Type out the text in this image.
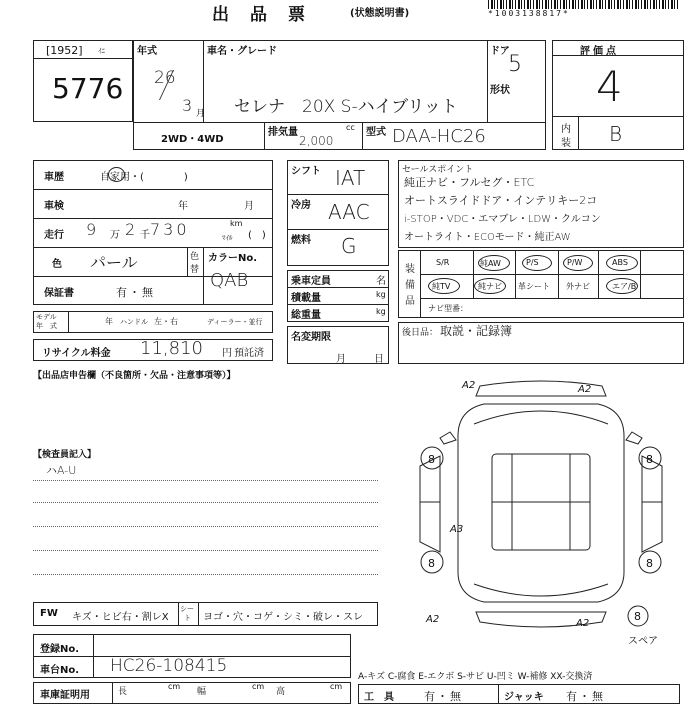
出　品　票	(状態説明書)	*1003138817*
[1952] ｲﾆ
5776
年式
26
3 月
車名・グレード
セレナ　20X S-ハイブリット
ドア
5
形状
2WD・4WD
排気量	cc
2,000
型式 DAA-HC26
評価点
4
内
装 B
車歴	自家用・(　　　　)
車検	年	月
走行 9 万 2 千 730	km
ﾏｲﾙ (　)
色 パール	色
替
カラーNo.
QAB
保証書	有・無
モデル
年　式	年 ハンドル 左・右	ディーラー・並行
リサイクル料金 11,810 円 預託済
シフト IAT
冷房 AAC
燃料 G
乗車定員	名
積載量	kg
総重量	kg
名変期限
月	日
セールスポイント
純正ナビ・フルセグ・ETC
オートスライドドア・インテリキー2コ
i-STOP・VDC・エマブレ・LDW・クルコン
オートライト・ECOモード・純正AW
装
備
品
S/R	純AW	P/S	P/W	ABS
純TV	純ナビ 革シート 外ナビ	エア/B
ナビ型番：
後日品： 取説・記録簿
【出品店申告欄（不良箇所・欠品・注意事項等）】
【検査員記入】
ハA-U
8	8
8	8
8
A2	A2
A2
A3
A2
スペア
FW キズ・ヒビ右・割レX
シー
ト ヨゴ・穴・コゲ・シミ・破レ・スレ
登録No.
車台No. HC26-108415
車庫証明用	長
cm
幅
cm
高
cm
A-キズ C-腐食 E-エクボ S-サビ U-凹ミ W-補修 XX-交換済
工　具	有・無	ジャッキ 有・無
